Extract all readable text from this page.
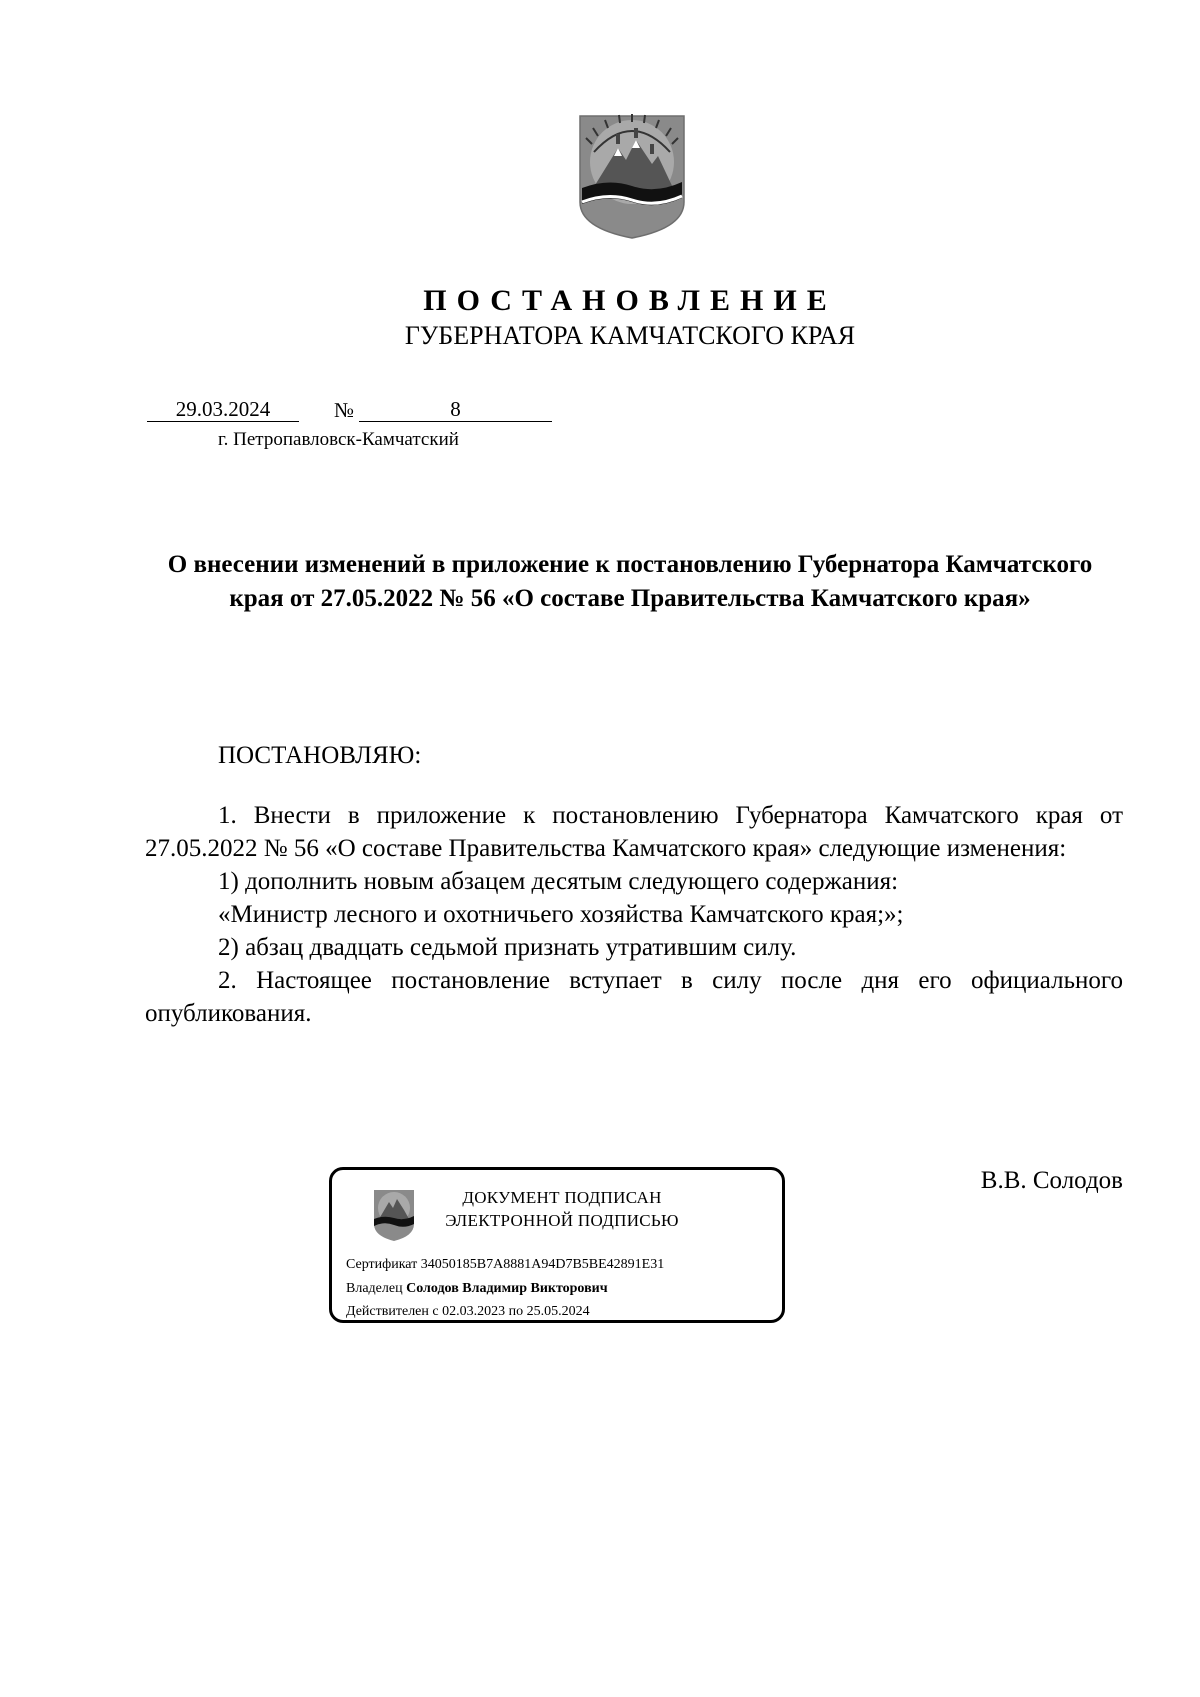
ПОСТАНОВЛЕНИЕ
ГУБЕРНАТОРА КАМЧАТСКОГО КРАЯ
29.03.2024	№	8
г. Петропавловск-Камчатский
О внесении изменений в приложение к постановлению Губернатора Камчатского края от 27.05.2022 № 56 «О составе Правительства Камчатского края»
ПОСТАНОВЛЯЮ:

1. Внести в приложение к постановлению Губернатора Камчатского края от 27.05.2022 № 56 «О составе Правительства Камчатского края» следующие изменения:

1) дополнить новым абзацем десятым следующего содержания:

«Министр лесного и охотничьего хозяйства Камчатского края;»;

2) абзац двадцать седьмой признать утратившим силу.

2. Настоящее постановление вступает в силу после дня его официального опубликования.

ДОКУМЕНТ ПОДПИСАН
ЭЛЕКТРОННОЙ ПОДПИСЬЮ
Сертификат 34050185B7A8881A94D7B5BE42891E31
Владелец Солодов Владимир Викторович
Действителен с 02.03.2023 по 25.05.2024
В.В. Солодов
